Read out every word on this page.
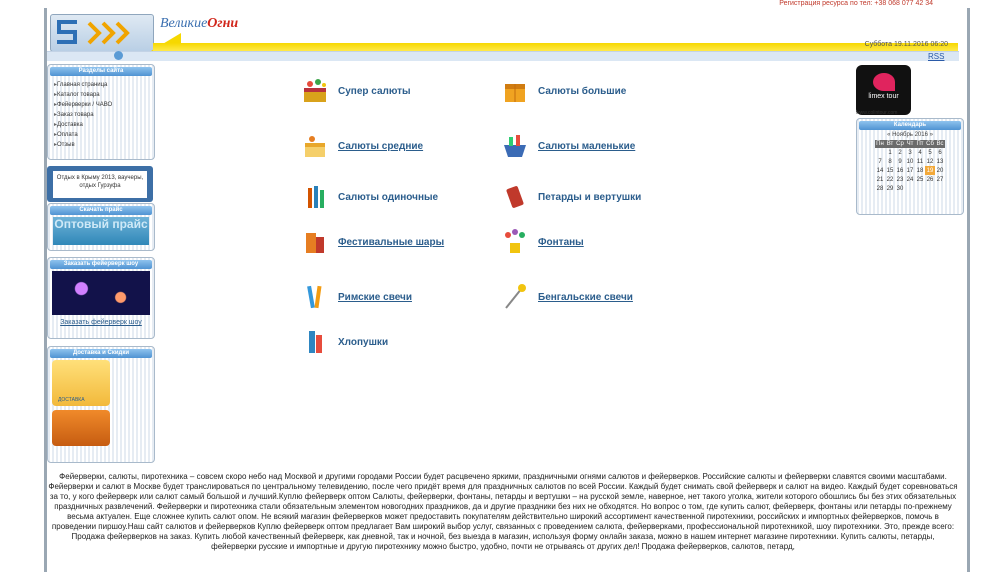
Регистрация ресурса по тел: +38 068 077 42 34
ВеликиеОгни
Суббота 19.11.2016 06:20
RSS
Разделы сайта
▸ Главная страница
▸ Каталог товара
▸ Фейерверки / ЧАВО
▸ Заказ товара
▸ Доставка
▸ Оплата
▸ Отзыв
Отдых в Крыму 2013, ваучеры, отдых Гурзуфа
Скачать прайс
Оптовый прайс
Заказать фейерверк шоу
Заказать фейерверк шоу
Доставка и Скидки
ДОСТАВКА
Супер салюты	Салюты большие
Салюты средние	Салюты маленькие
Салюты одиночные	Петарды и вертушки
Фестивальные шары	Фонтаны
Римские свечи	Бенгальские свечи
Хлопушки
limex tour
www.colintour.com
Календарь
« Ноябрь 2016 »
Пн	Вт	Ср	Чт	Пт	Сб	Вс
	1	2	3	4	5	6
7	8	9	10	11	12	13
14	15	16	17	18	19	20
21	22	23	24	25	26	27
28	29	30				
Фейерверки, салюты, пиротехника – совсем скоро небо над Москвой и другими городами России будет расцвечено яркими, праздничными огнями салютов и фейерверков. Российские салюты и фейерверки славятся своими масштабами. Фейерверки и салют в Москве будет транслироваться по центральному телевидению, после чего придёт время для праздничных салютов по всей России. Каждый будет снимать свой фейерверк и салют на видео. Каждый будет соревноваться за то, у кого фейерверк или салют самый большой и лучший.Куплю фейерверк оптом Салюты, фейерверки, фонтаны, петарды и вертушки – на русской земле, наверное, нет такого уголка, жители которого обошлись бы без этих обязательных праздничных развлечений. Фейерверки и пиротехника стали обязательным элементом новогодних праздников, да и другие праздники без них не обходятся. Но вопрос о том, где купить салют, фейерверк, фонтаны или петарды по-прежнему весьма актуален. Еще сложнее купить салют опом. Не всякий магазин фейерверков может предоставить покупателям действительно широкий ассортимент качественной пиротехники, российских и импортных фейерверков, помочь в проведении пиршоу.Наш сайт салютов и фейерверков Куплю фейерверк оптом предлагает Вам широкий выбор услуг, связанных с проведением салюта, фейерверками, профессиональной пиротехникой, шоу пиротехники. Это, прежде всего:
Продажа фейерверков на заказ. Купить любой качественный фейерверк, как дневной, так и ночной, без выезда в магазин, используя форму онлайн заказа, можно в нашем интернет магазине пиротехники. Купить салюты, петарды, фейерверки русские и импортные и другую пиротехнику можно быстро, удобно, почти не отрываясь от других дел! Продажа фейерверков, салютов, петард,
